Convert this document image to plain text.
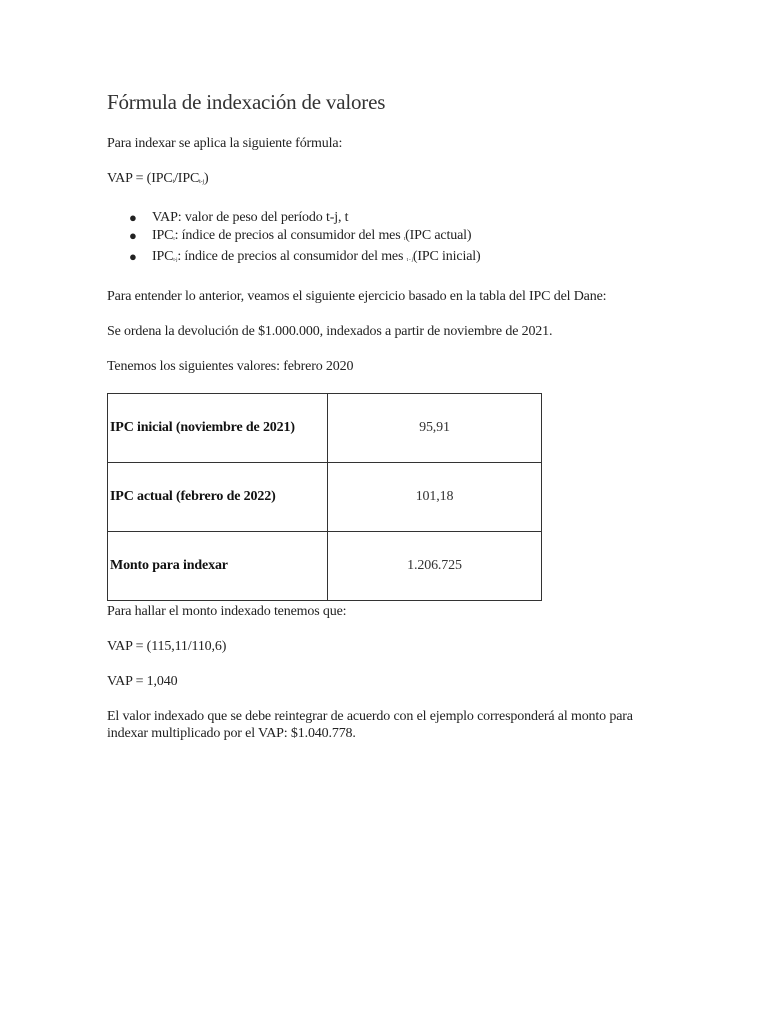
Fórmula de indexación de valores

Para indexar se aplica la siguiente fórmula:

VAP = $(IPC_t/IPC_{t-j})$

● VAP: valor de peso del período t-j, t
● $IPC_t$: índice de precios al consumidor del mes $_t$(IPC actual)
● $IPC_{t-j}$: índice de precios al consumidor del mes $_{t - j}$(IPC inicial)

Para entender lo anterior, veamos el siguiente ejercicio basado en la tabla del IPC del Dane:

Se ordena la devolución de $1.000.000, indexados a partir de noviembre de 2021.

Tenemos los siguientes valores: febrero 2020

IPC inicial (noviembre de 2021)	95,91
IPC actual (febrero de 2022)	101,18
Monto para indexar	1.206.725

Para hallar el monto indexado tenemos que:

VAP = (115,11/110,6)

VAP = 1,040

El valor indexado que se debe reintegrar de acuerdo con el ejemplo corresponderá al monto para indexar multiplicado por el VAP: $1.040.778.
